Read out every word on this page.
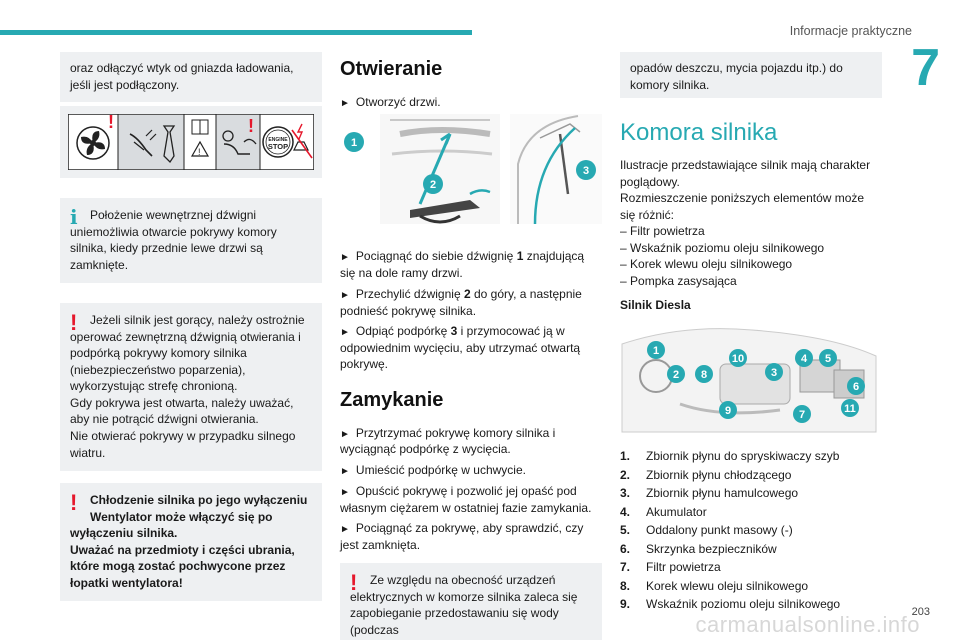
Informacje praktyczne
7

oraz odłączyć wtyk od gniazda ładowania, jeśli jest podłączony.

!
!
!
ENGINE
STOP
i	Położenie wewnętrznej dźwigni uniemożliwia otwarcie pokrywy komory silnika, kiedy przednie lewe drzwi są zamknięte.

!	Jeżeli silnik jest gorący, należy ostrożnie operować zewnętrzną dźwignią otwierania i podpórką pokrywy komory silnika (niebezpieczeństwo poparzenia), wykorzystując strefę chronioną.

Gdy pokrywa jest otwarta, należy uważać, aby nie potrącić dźwigni otwierania.

Nie otwierać pokrywy w przypadku silnego wiatru.

!	Chłodzenie silnika po jego wyłączeniu

Wentylator może włączyć się po wyłączeniu silnika.

Uważać na przedmioty i części ubrania, które mogą zostać pochwycone przez łopatki wentylatora!

Otwieranie
► Otworzyć drzwi.
1
2
3
► Pociągnąć do siebie dźwignię 1 znajdującą się na dole ramy drzwi.
► Przechylić dźwignię 2 do góry, a następnie podnieść pokrywę silnika.
► Odpiąć podpórkę 3 i przymocować ją w odpowiednim wycięciu, aby utrzymać otwartą pokrywę.
Zamykanie
► Przytrzymać pokrywę komory silnika i wyciągnąć podpórkę z wycięcia.
► Umieścić podpórkę w uchwycie.
► Opuścić pokrywę i pozwolić jej opaść pod własnym ciężarem w ostatniej fazie zamykania.
► Pociągnąć za pokrywę, aby sprawdzić, czy jest zamknięta.
!	Ze względu na obecność urządzeń elektrycznych w komorze silnika zaleca się zapobieganie przedostawaniu się wody (podczas

opadów deszczu, mycia pojazdu itp.) do komory silnika.

Komora silnika

Ilustracje przedstawiające silnik mają charakter poglądowy.

Rozmieszczenie poniższych elementów może się różnić:

– Filtr powietrza
– Wskaźnik poziomu oleju silnikowego
– Korek wlewu oleju silnikowego
– Pompka zasysająca
Silnik Diesla
1
2 8
10
3
4 5
6
9	7	11
1.	Zbiornik płynu do spryskiwaczy szyb
2.	Zbiornik płynu chłodzącego
3.	Zbiornik płynu hamulcowego
4.	Akumulator
5.	Oddalony punkt masowy (-)
6.	Skrzynka bezpieczników
7.	Filtr powietrza
8.	Korek wlewu oleju silnikowego
9.	Wskaźnik poziomu oleju silnikowego
203
carmanualsonline.info
